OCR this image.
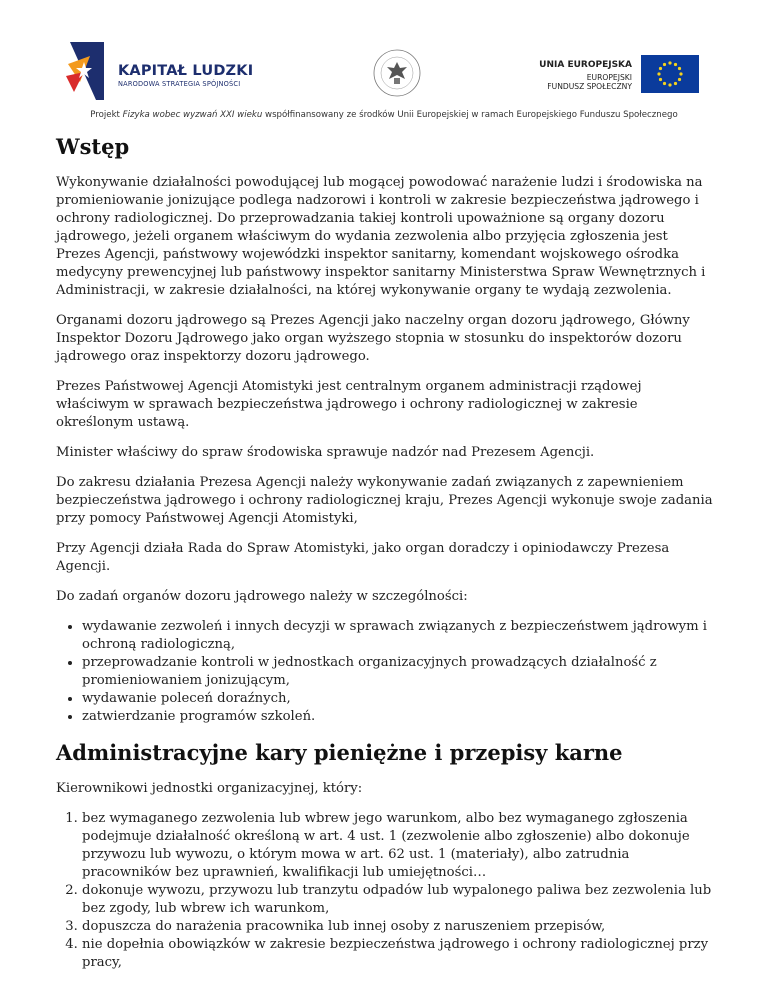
KAPITAŁ LUDZKI
NARODOWA STRATEGIA SPÓJNOŚCI
UNIA EUROPEJSKA
EUROPEJSKI
FUNDUSZ SPOŁECZNY
Projekt Fizyka wobec wyzwań XXI wieku współfinansowany ze środków Unii Europejskiej w ramach Europejskiego Funduszu Społecznego
Wstęp

Wykonywanie działalności powodującej lub mogącej powodować narażenie ludzi i środowiska na promieniowanie jonizujące podlega nadzorowi i kontroli w zakresie bezpieczeństwa jądrowego i ochrony radiologicznej. Do przeprowadzania takiej kontroli upoważnione są organy dozoru jądrowego, jeżeli organem właściwym do wydania zezwolenia albo przyjęcia zgłoszenia jest Prezes Agencji, państwowy wojewódzki inspektor sanitarny, komendant wojskowego ośrodka medycyny prewencyjnej lub państwowy inspektor sanitarny Ministerstwa Spraw Wewnętrznych i Administracji, w zakresie działalności, na której wykonywanie organy te wydają zezwolenia.

Organami dozoru jądrowego są Prezes Agencji jako naczelny organ dozoru jądrowego, Główny Inspektor Dozoru Jądrowego jako organ wyższego stopnia w stosunku do inspektorów dozoru jądrowego oraz inspektorzy dozoru jądrowego.

Prezes Państwowej Agencji Atomistyki jest centralnym organem administracji rządowej właściwym w sprawach bezpieczeństwa jądrowego i ochrony radiologicznej w zakresie określonym ustawą.

Minister właściwy do spraw środowiska sprawuje nadzór nad Prezesem Agencji.

Do zakresu działania Prezesa Agencji należy wykonywanie zadań związanych z zapewnieniem bezpieczeństwa jądrowego i ochrony radiologicznej kraju, Prezes Agencji wykonuje swoje zadania przy pomocy Państwowej Agencji Atomistyki,

Przy Agencji działa Rada do Spraw Atomistyki, jako organ doradczy i opiniodawczy Prezesa Agencji.

Do zadań organów dozoru jądrowego należy w szczególności:

• wydawanie zezwoleń i innych decyzji w sprawach związanych z bezpieczeństwem jądrowym i ochroną radiologiczną,
• przeprowadzanie kontroli w jednostkach organizacyjnych prowadzących działalność z promieniowaniem jonizującym,
• wydawanie poleceń doraźnych,
• zatwierdzanie programów szkoleń.
Administracyjne kary pieniężne i przepisy karne

Kierownikowi jednostki organizacyjnej, który:

1. bez wymaganego zezwolenia lub wbrew jego warunkom, albo bez wymaganego zgłoszenia podejmuje działalność określoną w art. 4 ust. 1 (zezwolenie albo zgłoszenie) albo dokonuje przywozu lub wywozu, o którym mowa w art. 62 ust. 1 (materiały), albo zatrudnia pracowników bez uprawnień, kwalifikacji lub umiejętności…
2. dokonuje wywozu, przywozu lub tranzytu odpadów lub wypalonego paliwa bez zezwolenia lub bez zgody, lub wbrew ich warunkom,
3. dopuszcza do narażenia pracownika lub innej osoby z naruszeniem przepisów,
4. nie dopełnia obowiązków w zakresie bezpieczeństwa jądrowego i ochrony radiologicznej przy pracy,
